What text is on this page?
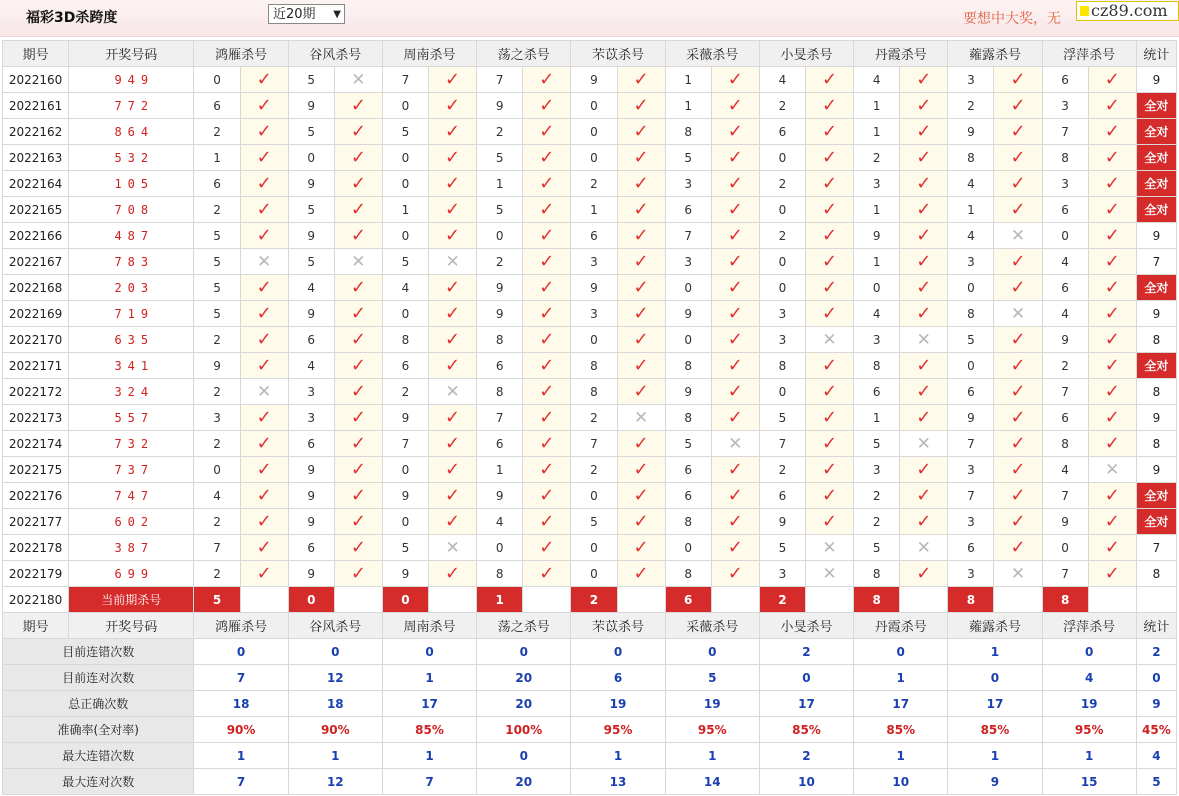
福彩3D杀跨度	近20期 ▼	要想中大奖，无	cz89.com
期号	开奖号码	鸿雁杀号		谷风杀号		周南杀号		荡之杀号		芣苡杀号		采薇杀号		小旻杀号		丹霞杀号		蕹露杀号		浮萍杀号		统计
2022160	949	0	✓	5	✕	7	✓	7	✓	9	✓	1	✓	4	✓	4	✓	3	✓	6	✓	9
2022161	772	6	✓	9	✓	0	✓	9	✓	0	✓	1	✓	2	✓	1	✓	2	✓	3	✓	全对
2022162	864	2	✓	5	✓	5	✓	2	✓	0	✓	8	✓	6	✓	1	✓	9	✓	7	✓	全对
2022163	532	1	✓	0	✓	0	✓	5	✓	0	✓	5	✓	0	✓	2	✓	8	✓	8	✓	全对
2022164	105	6	✓	9	✓	0	✓	1	✓	2	✓	3	✓	2	✓	3	✓	4	✓	3	✓	全对
2022165	708	2	✓	5	✓	1	✓	5	✓	1	✓	6	✓	0	✓	1	✓	1	✓	6	✓	全对
2022166	487	5	✓	9	✓	0	✓	0	✓	6	✓	7	✓	2	✓	9	✓	4	✕	0	✓	9
2022167	783	5	✕	5	✕	5	✕	2	✓	3	✓	3	✓	0	✓	1	✓	3	✓	4	✓	7
2022168	203	5	✓	4	✓	4	✓	9	✓	9	✓	0	✓	0	✓	0	✓	0	✓	6	✓	全对
2022169	719	5	✓	9	✓	0	✓	9	✓	3	✓	9	✓	3	✓	4	✓	8	✕	4	✓	9
2022170	635	2	✓	6	✓	8	✓	8	✓	0	✓	0	✓	3	✕	3	✕	5	✓	9	✓	8
2022171	341	9	✓	4	✓	6	✓	6	✓	8	✓	8	✓	8	✓	8	✓	0	✓	2	✓	全对
2022172	324	2	✕	3	✓	2	✕	8	✓	8	✓	9	✓	0	✓	6	✓	6	✓	7	✓	8
2022173	557	3	✓	3	✓	9	✓	7	✓	2	✕	8	✓	5	✓	1	✓	9	✓	6	✓	9
2022174	732	2	✓	6	✓	7	✓	6	✓	7	✓	5	✕	7	✓	5	✕	7	✓	8	✓	8
2022175	737	0	✓	9	✓	0	✓	1	✓	2	✓	6	✓	2	✓	3	✓	3	✓	4	✕	9
2022176	747	4	✓	9	✓	9	✓	9	✓	0	✓	6	✓	6	✓	2	✓	7	✓	7	✓	全对
2022177	602	2	✓	9	✓	0	✓	4	✓	5	✓	8	✓	9	✓	2	✓	3	✓	9	✓	全对
2022178	387	7	✓	6	✓	5	✕	0	✓	0	✓	0	✓	5	✕	5	✕	6	✓	0	✓	7
2022179	699	2	✓	9	✓	9	✓	8	✓	0	✓	8	✓	3	✕	8	✓	3	✕	7	✓	8
2022180	当前期杀号	5		0		0		1		2		6		2		8		8		8		
期号	开奖号码	鸿雁杀号		谷风杀号		周南杀号		荡之杀号		芣苡杀号		采薇杀号		小旻杀号		丹霞杀号		蕹露杀号		浮萍杀号		统计
目前连错次数		0		0		0		0		0		0		2		0		1		0		2
目前连对次数		7		12		1		20		6		5		0		1		0		4		0
总正确次数		18		18		17		20		19		19		17		17		17		19		9
准确率(全对率)		90%		90%		85%		100%		95%		95%		85%		85%		85%		95%		45%
最大连错次数		1		1		1		0		1		1		2		1		1		1		4
最大连对次数		7		12		7		20		13		14		10		10		9		15		5
